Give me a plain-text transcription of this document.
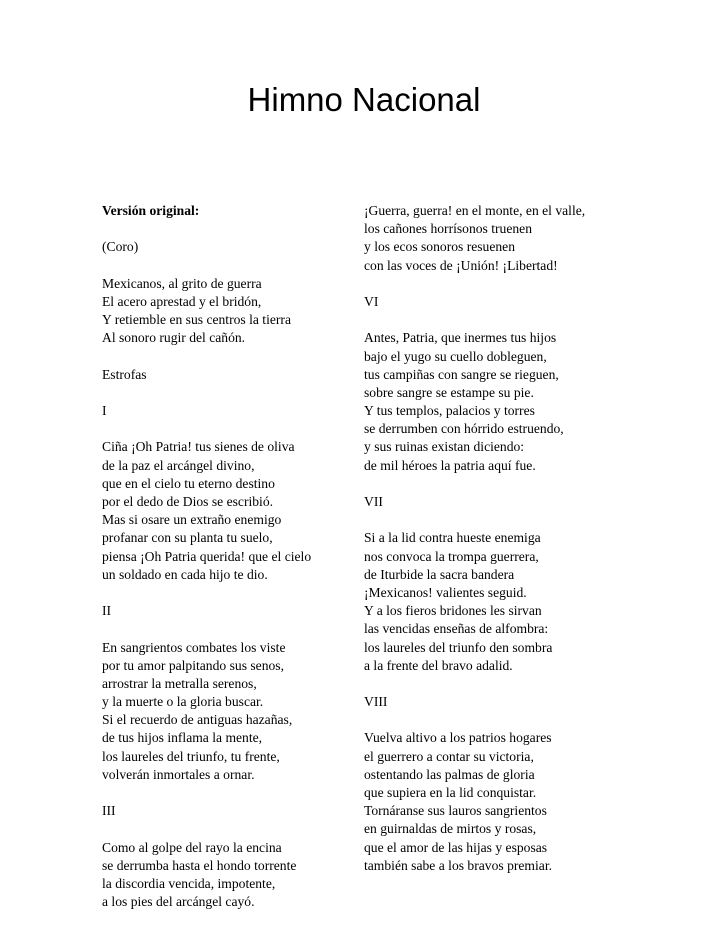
Himno Nacional
Versión original:
(Coro)
Mexicanos, al grito de guerra
El acero aprestad y el bridón,
Y retiemble en sus centros la tierra
Al sonoro rugir del cañón.
Estrofas
I
Ciña ¡Oh Patria! tus sienes de oliva
de la paz el arcángel divino,
que en el cielo tu eterno destino
por el dedo de Dios se escribió.
Mas si osare un extraño enemigo
profanar con su planta tu suelo,
piensa ¡Oh Patria querida! que el cielo
un soldado en cada hijo te dio.
II
En sangrientos combates los viste
por tu amor palpitando sus senos,
arrostrar la metralla serenos,
y la muerte o la gloria buscar.
Si el recuerdo de antiguas hazañas,
de tus hijos inflama la mente,
los laureles del triunfo, tu frente,
volverán inmortales a ornar.
III
Como al golpe del rayo la encina
se derrumba hasta el hondo torrente
la discordia vencida, impotente,
a los pies del arcángel cayó.
¡Guerra, guerra! en el monte, en el valle,
los cañones horrísonos truenen
y los ecos sonoros resuenen
con las voces de ¡Unión! ¡Libertad!
VI
Antes, Patria, que inermes tus hijos
bajo el yugo su cuello dobleguen,
tus campiñas con sangre se rieguen,
sobre sangre se estampe su pie.
Y tus templos, palacios y torres
se derrumben con hórrido estruendo,
y sus ruinas existan diciendo:
de mil héroes la patria aquí fue.
VII
Si a la lid contra hueste enemiga
nos convoca la trompa guerrera,
de Iturbide la sacra bandera
¡Mexicanos! valientes seguid.
Y a los fieros bridones les sirvan
las vencidas enseñas de alfombra:
los laureles del triunfo den sombra
a la frente del bravo adalid.
VIII
Vuelva altivo a los patrios hogares
el guerrero a contar su victoria,
ostentando las palmas de gloria
que supiera en la lid conquistar.
Tornáranse sus lauros sangrientos
en guirnaldas de mirtos y rosas,
que el amor de las hijas y esposas
también sabe a los bravos premiar.
